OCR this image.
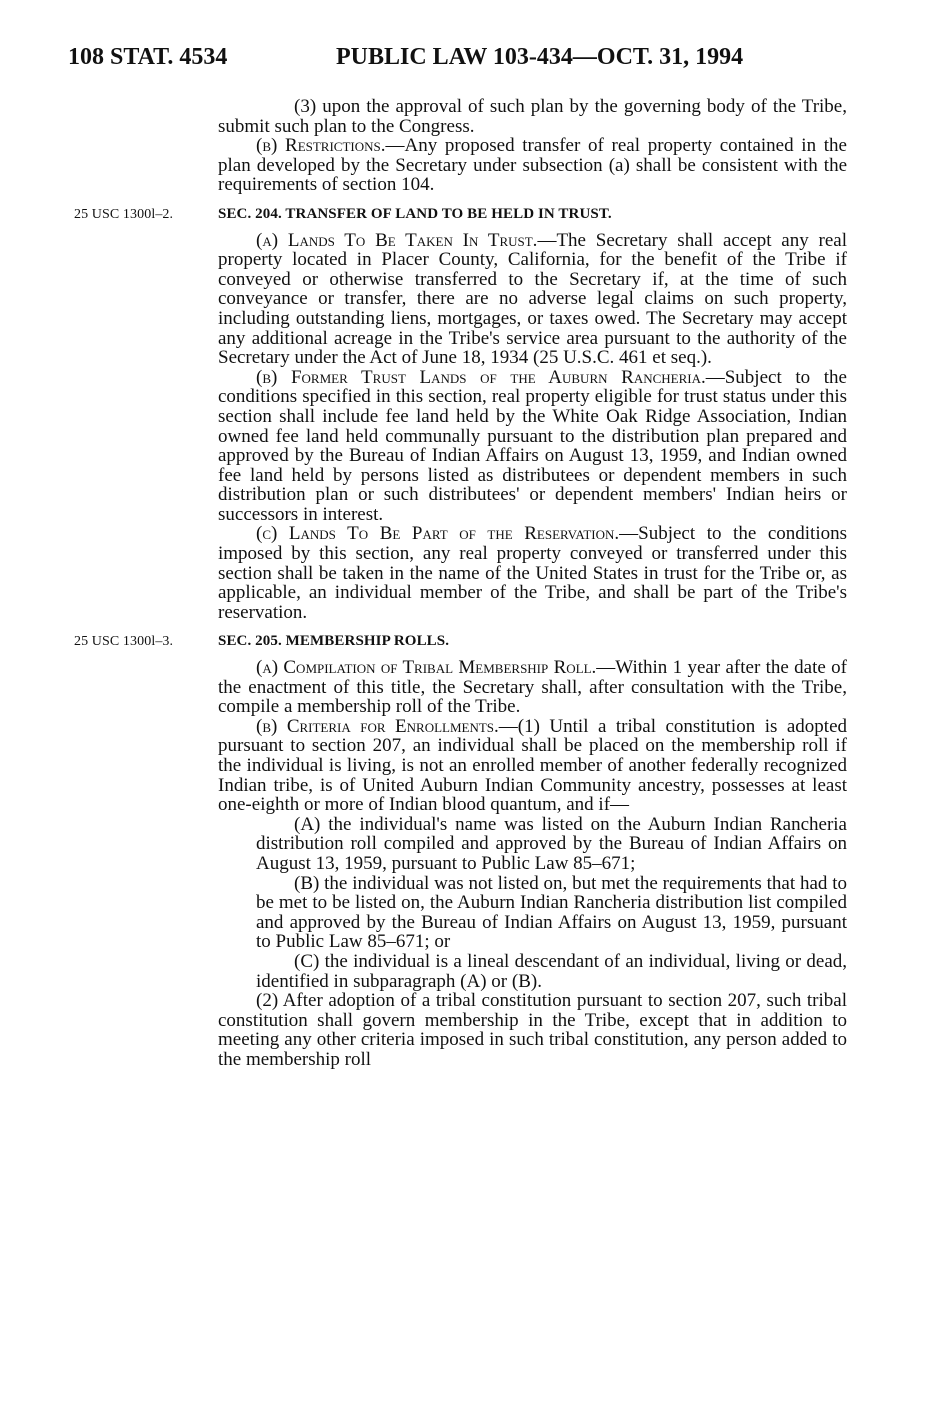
108 STAT. 4534	PUBLIC LAW 103-434—OCT. 31, 1994

(3) upon the approval of such plan by the governing body of the Tribe, submit such plan to the Congress.

(b) Restrictions.—Any proposed transfer of real property contained in the plan developed by the Secretary under subsection (a) shall be consistent with the requirements of section 104.

25 USC 1300l–2.	SEC. 204. TRANSFER OF LAND TO BE HELD IN TRUST.

(a) Lands To Be Taken In Trust.—The Secretary shall accept any real property located in Placer County, California, for the benefit of the Tribe if conveyed or otherwise transferred to the Secretary if, at the time of such conveyance or transfer, there are no adverse legal claims on such property, including outstanding liens, mortgages, or taxes owed. The Secretary may accept any additional acreage in the Tribe's service area pursuant to the authority of the Secretary under the Act of June 18, 1934 (25 U.S.C. 461 et seq.).

(b) Former Trust Lands of the Auburn Rancheria.—Subject to the conditions specified in this section, real property eligible for trust status under this section shall include fee land held by the White Oak Ridge Association, Indian owned fee land held communally pursuant to the distribution plan prepared and approved by the Bureau of Indian Affairs on August 13, 1959, and Indian owned fee land held by persons listed as distributees or dependent members in such distribution plan or such distributees' or dependent members' Indian heirs or successors in interest.

(c) Lands To Be Part of the Reservation.—Subject to the conditions imposed by this section, any real property conveyed or transferred under this section shall be taken in the name of the United States in trust for the Tribe or, as applicable, an individual member of the Tribe, and shall be part of the Tribe's reservation.

25 USC 1300l–3.	SEC. 205. MEMBERSHIP ROLLS.

(a) Compilation of Tribal Membership Roll.—Within 1 year after the date of the enactment of this title, the Secretary shall, after consultation with the Tribe, compile a membership roll of the Tribe.

(b) Criteria for Enrollments.—(1) Until a tribal constitution is adopted pursuant to section 207, an individual shall be placed on the membership roll if the individual is living, is not an enrolled member of another federally recognized Indian tribe, is of United Auburn Indian Community ancestry, possesses at least one-eighth or more of Indian blood quantum, and if—

(A) the individual's name was listed on the Auburn Indian Rancheria distribution roll compiled and approved by the Bureau of Indian Affairs on August 13, 1959, pursuant to Public Law 85–671;

(B) the individual was not listed on, but met the requirements that had to be met to be listed on, the Auburn Indian Rancheria distribution list compiled and approved by the Bureau of Indian Affairs on August 13, 1959, pursuant to Public Law 85–671; or

(C) the individual is a lineal descendant of an individual, living or dead, identified in subparagraph (A) or (B).

(2) After adoption of a tribal constitution pursuant to section 207, such tribal constitution shall govern membership in the Tribe, except that in addition to meeting any other criteria imposed in such tribal constitution, any person added to the membership roll
